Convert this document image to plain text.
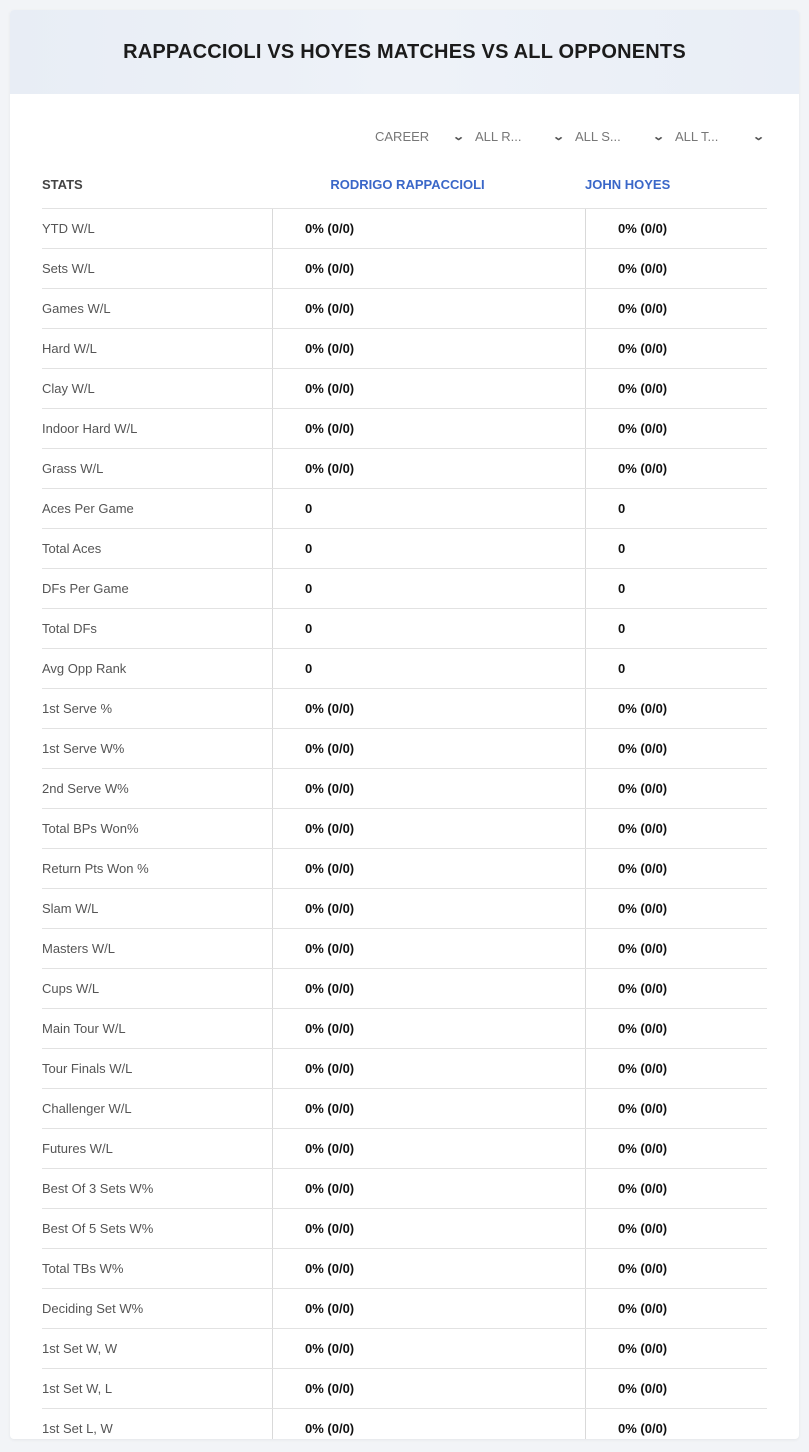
RAPPACCIOLI VS HOYES MATCHES VS ALL OPPONENTS
CAREER ⌄ ALL R...	⌄ ALL S...	⌄ ALL T...	⌄
STATS	RODRIGO RAPPACCIOLI	JOHN HOYES
YTD W/L	0% (0/0)	0% (0/0)
Sets W/L	0% (0/0)	0% (0/0)
Games W/L	0% (0/0)	0% (0/0)
Hard W/L	0% (0/0)	0% (0/0)
Clay W/L	0% (0/0)	0% (0/0)
Indoor Hard W/L	0% (0/0)	0% (0/0)
Grass W/L	0% (0/0)	0% (0/0)
Aces Per Game	0	0
Total Aces	0	0
DFs Per Game	0	0
Total DFs	0	0
Avg Opp Rank	0	0
1st Serve %	0% (0/0)	0% (0/0)
1st Serve W%	0% (0/0)	0% (0/0)
2nd Serve W%	0% (0/0)	0% (0/0)
Total BPs Won%	0% (0/0)	0% (0/0)
Return Pts Won %	0% (0/0)	0% (0/0)
Slam W/L	0% (0/0)	0% (0/0)
Masters W/L	0% (0/0)	0% (0/0)
Cups W/L	0% (0/0)	0% (0/0)
Main Tour W/L	0% (0/0)	0% (0/0)
Tour Finals W/L	0% (0/0)	0% (0/0)
Challenger W/L	0% (0/0)	0% (0/0)
Futures W/L	0% (0/0)	0% (0/0)
Best Of 3 Sets W%	0% (0/0)	0% (0/0)
Best Of 5 Sets W%	0% (0/0)	0% (0/0)
Total TBs W%	0% (0/0)	0% (0/0)
Deciding Set W%	0% (0/0)	0% (0/0)
1st Set W, W	0% (0/0)	0% (0/0)
1st Set W, L	0% (0/0)	0% (0/0)
1st Set L, W	0% (0/0)	0% (0/0)
